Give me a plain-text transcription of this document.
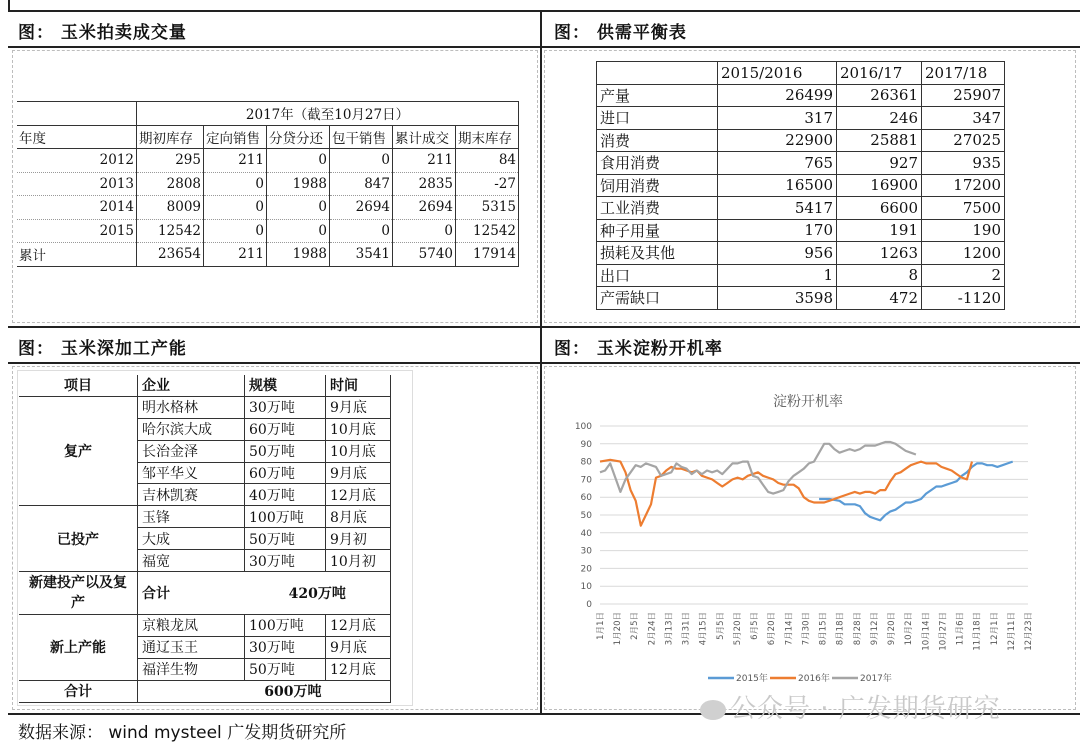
图： 玉米拍卖成交量	图： 供需平衡表
图： 玉米深加工产能	图： 玉米淀粉开机率
	2017年（截至10月27日）					
年度	期初库存	定向销售	分贷分还	包干销售	累计成交	期末库存
2012	295	211	0	0	211	84
2013	2808	0	1988	847	2835	-27
2014	8009	0	0	2694	2694	5315
2015	12542	0	0	0	0	12542
累计	23654	211	1988	3541	5740	17914
	2015/2016	2016/17	2017/18
产量	26499	26361	25907
进口	317	246	347
消费	22900	25881	27025
食用消费	765	927	935
饲用消费	16500	16900	17200
工业消费	5417	6600	7500
种子用量	170	191	190
损耗及其他	956	1263	1200
出口	1	8	2
产需缺口	3598	472	-1120
项目	企业	规模	时间
复产	明水格林	30万吨	9月底
	哈尔滨大成	60万吨	10月底
	长治金泽	50万吨	10月底
	邹平华义	60万吨	9月底
	吉林凯赛	40万吨	12月底
已投产	玉锋	100万吨	8月底
	大成	50万吨	9月初
	福宽	30万吨	10月初
新建投产以及复产	合计	420万吨	
新上产能	京粮龙凤	100万吨	12月底
	通辽玉王	30万吨	9月底
	福洋生物	50万吨	12月底
合计	600万吨		
淀粉开机率
0
10
20
30
40
50
60
70
80
90
100
1月1日 1月20日 2月5日 2月24日 3月13日 3月31日 4月15日 5月5日 5月20日 6月5日 6月20日 7月14日 7月30日 8月15日 8月18日 8月28日 9月12日 9月20日 10月2日 10月14日 10月27日 11月6日 11月18日 12月1日 12月11日 12月23日
2015年	2016年	2017年
数据来源： wind mysteel 广发期货研究所
公众号 · 广发期货研究
